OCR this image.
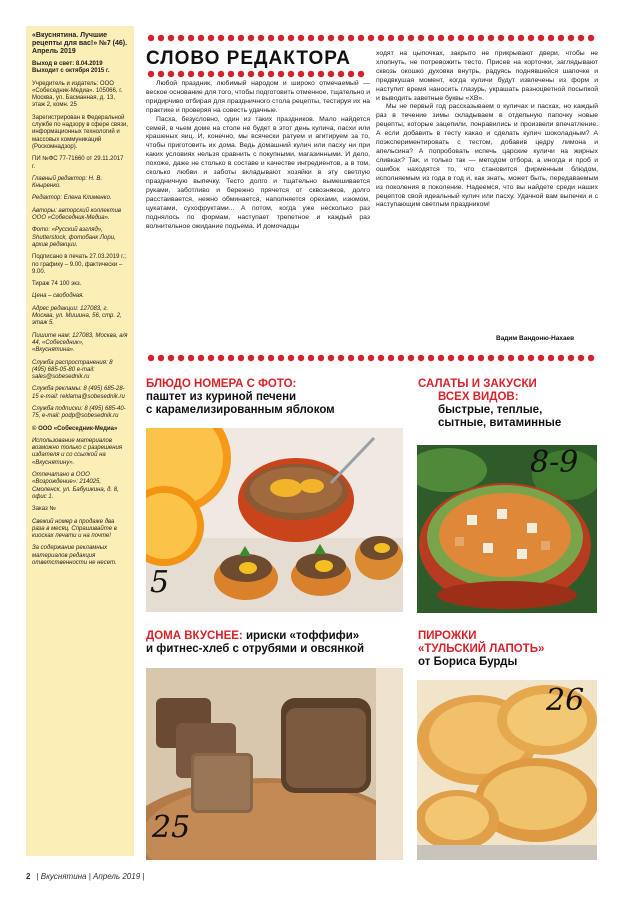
«Вкуснятина. Лучшие рецепты для вас!» №7 (46). Апрель 2019

Выход в свет: 8.04.2019 Выходит с октября 2015 г.

Учредитель и издатель: ООО «Собеседник-Медиа». 105066, г. Москва, ул. Басманная, д. 13, этаж 2, комн. 25

Зарегистрирован в Федеральной службе по надзору в сфере связи, информационных технологий и массовых коммуникаций (Роскомнадзор).

ПИ №ФС 77-71660 от 29.11.2017 г.

Главный редактор: Н. В. Кныренко.

Редактор: Елена Клименко.

Авторы: авторский коллектив ООО «Собеседник-Медиа».

Фото: «Русский взгляд», Shutterstock, фотобанк Лори, архив редакции.

Подписано в печать 27.03.2019 г.; по графику – 9.00, фактически – 9.00.

Тираж 74 100 экз.

Цена – свободная.

Адрес редакции: 127083, г. Москва, ул. Мишина, 56, стр. 2, этаж 5.

Пишите нам: 127083, Москва, а/я 44, «Собеседник», «Вкуснятина».

Служба распространения: 8 (495) 685-05-80 e-mail: sales@sobesednik.ru

Служба рекламы: 8 (495) 685-28-15 e-mail: reklama@sobesednik.ru

Служба подписки: 8 (495) 685-40-75, e-mail: podp@sobesednik.ru

© ООО «Собеседник-Медиа»

Использование материалов возможно только с разрешения издателя и со ссылкой на «Вкуснятину».

Отпечатано в ООО «Возрождение»: 214025, Смоленск, ул. Бабушкина, д. 8, офис 1.

Заказ №

Свежий номер в продаже два раза в месяц. Спрашивайте в киосках печати и на почте!

За содержание рекламных материалов редакция ответственности не несет.

СЛОВО РЕДАКТОРА

Любой праздник, любимый народом и широко отмечаемый — веское основание для того, чтобы подготовить отменное, тщательно и придирчиво отбирая для праздничного стола рецепты, тестируя их на практике и проверяя на совесть удачные.

Пасха, безусловно, один из таких праздников. Мало найдется семей, в чьем доме на столе не будет в этот день кулича, пасхи или крашеных яиц. И, конечно, мы всячески ратуем и агитируем за то, чтобы приготовить их дома. Ведь домашний кулич или пасху ни при каких условиях нельзя сравнить с покупными, магазинными. И дело, похоже, даже не столько в составе и качестве ингредиентов, а в том, сколько любви и заботы вкладывают хозяйки в эту светлую праздничную выпечку. Тесто долго и тщательно вымешивается руками, заботливо и бережно прячется от сквозняков, долго расстаивается, нежно обминается, наполняется орехами, изюмом, цукатами, сухофруктами... А потом, когда уже несколько раз поднялось по формам, наступает трепетное и каждый раз волнительное ожидание подъема. И домочадцы

ходят на цыпочках, закрыто не прикрывают двери, чтобы не хлопнуть, не потревожить тесто. Присев на корточки, заглядывают сквозь окошко духовки внутрь, радуясь поднявшейся шапочке и предвкушая момент, когда куличи будут извлечены из форм и наступит время наносить глазурь, украшать разноцветной посыпкой и выводить заветные буквы «ХВ».

Мы не первый год рассказываем о куличах и пасхах, но каждый раз в течение зимы складываем в отдельную папочку новые рецепты, которые зацепили, понравились и произвели впечатление. А если добавить в тесту какао и сделать кулич шоколадным? А поэкспериментировать с тестом, добавив цедру лимона и апельсина? А попробовать испечь царские куличи на жирных сливках? Так, и только так — методом отбора, а иногда и проб и ошибок находятся то, что становится фирменным блюдом, исполняемым из года в год и, как знать, может быть, передаваемым из поколения в поколение. Надеемся, что вы найдете среди наших рецептов свой идеальный кулич или пасху. Удачной вам выпечки и с наступающим светлым праздником!

Вадим Вандоню-Нахаев
БЛЮДО НОМЕРА С ФОТО:
паштет из куриной печени
с карамелизированным яблоком
5
САЛАТЫ И ЗАКУСКИ
ВСЕХ ВИДОВ:
быстрые, теплые,
сытные, витаминные
8-9
ДОМА ВКУСНЕЕ: ириски «тоффифи»
и фитнес-хлеб с отрубями и овсянкой
25
ПИРОЖКИ
«ТУЛЬСКИЙ ЛАПОТЬ»
от Бориса Бурды
26
2 | Вкуснятина | Апрель 2019 |
